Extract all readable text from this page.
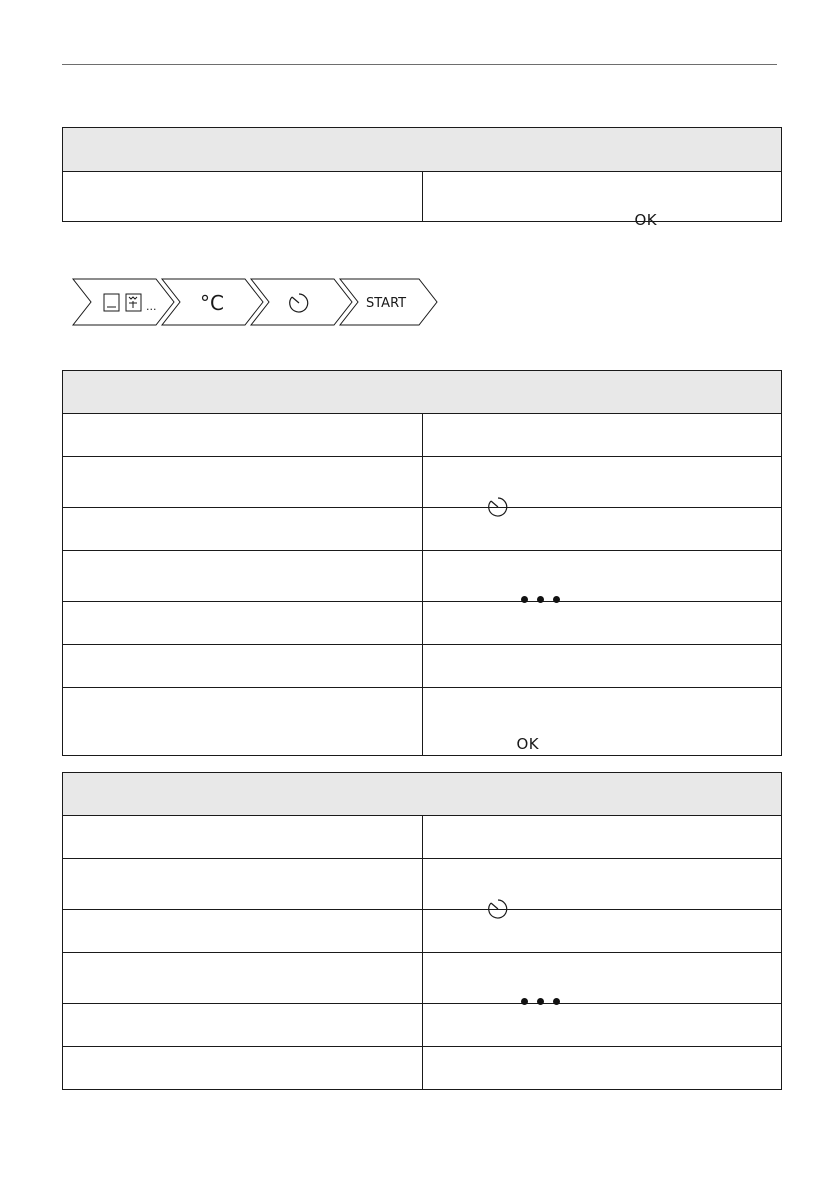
OK
... °C	START

	OK
